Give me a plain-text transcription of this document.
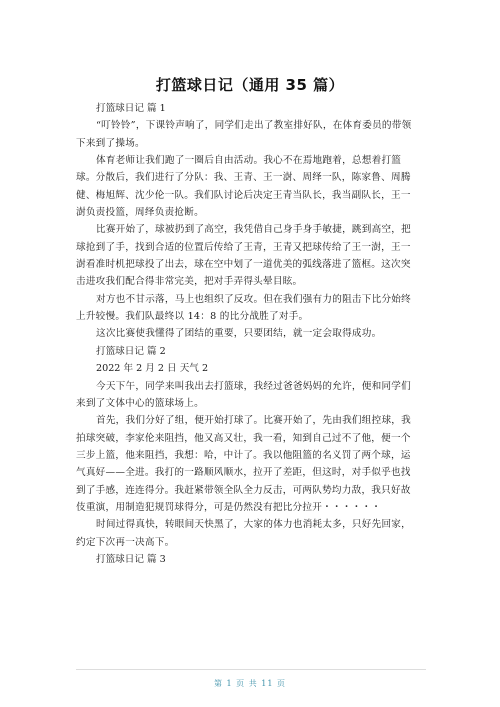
打篮球日记（通用 35 篇）
打篮球日记 篇 1
“叮铃铃”，下课铃声响了，同学们走出了教室排好队，在体育委员的带领
下来到了操场。
体育老师让我们跑了一圈后自由活动。我心不在焉地跑着，总想着打篮
球。分散后，我们进行了分队：我、王青、王一澍、周绎一队，陈家鲁、周腾
健、梅旭辉、沈少伦一队。我们队讨论后决定王青当队长，我当副队长，王一
澍负责投篮，周绎负责抢断。
比赛开始了，球被扔到了高空，我凭借自己身手身手敏捷，跳到高空，把
球抢到了手，找到合适的位置后传给了王青，王青又把球传给了王一澍，王一
澍看准时机把球投了出去，球在空中划了一道优美的弧线落进了篮框。这次突
击进攻我们配合得非常完美，把对手弄得头晕目眩。
对方也不甘示落，马上也组织了反攻。但在我们强有力的阻击下比分始终
上升较慢。我们队最终以 14：8 的比分战胜了对手。
这次比赛使我懂得了团结的重要，只要团结，就一定会取得成功。
打篮球日记 篇 2
2022 年 2 月 2 日 天气 2
今天下午，同学来叫我出去打篮球，我经过爸爸妈妈的允许，便和同学们
来到了文体中心的篮球场上。
首先，我们分好了组，便开始打球了。比赛开始了，先由我们组控球，我
拍球突破，李家伦来阻挡，他又高又壮，我一看，知到自己过不了他，便一个
三步上篮，他来阻挡，我想：哈，中计了。我以他阻篮的名义罚了两个球，运
气真好——全进。我打的一路顺风顺水，拉开了差距，但这时，对手似乎也找
到了手感，连连得分。我赶紧带领全队全力反击，可两队势均力敌，我只好故
伎重演，用制造犯规罚球得分，可是仍然没有把比分拉开・・・・・・
时间过得真快，转眼间天快黑了，大家的体力也消耗太多，只好先回家，
约定下次再一决高下。
打篮球日记 篇 3
第 1 页 共 11 页
